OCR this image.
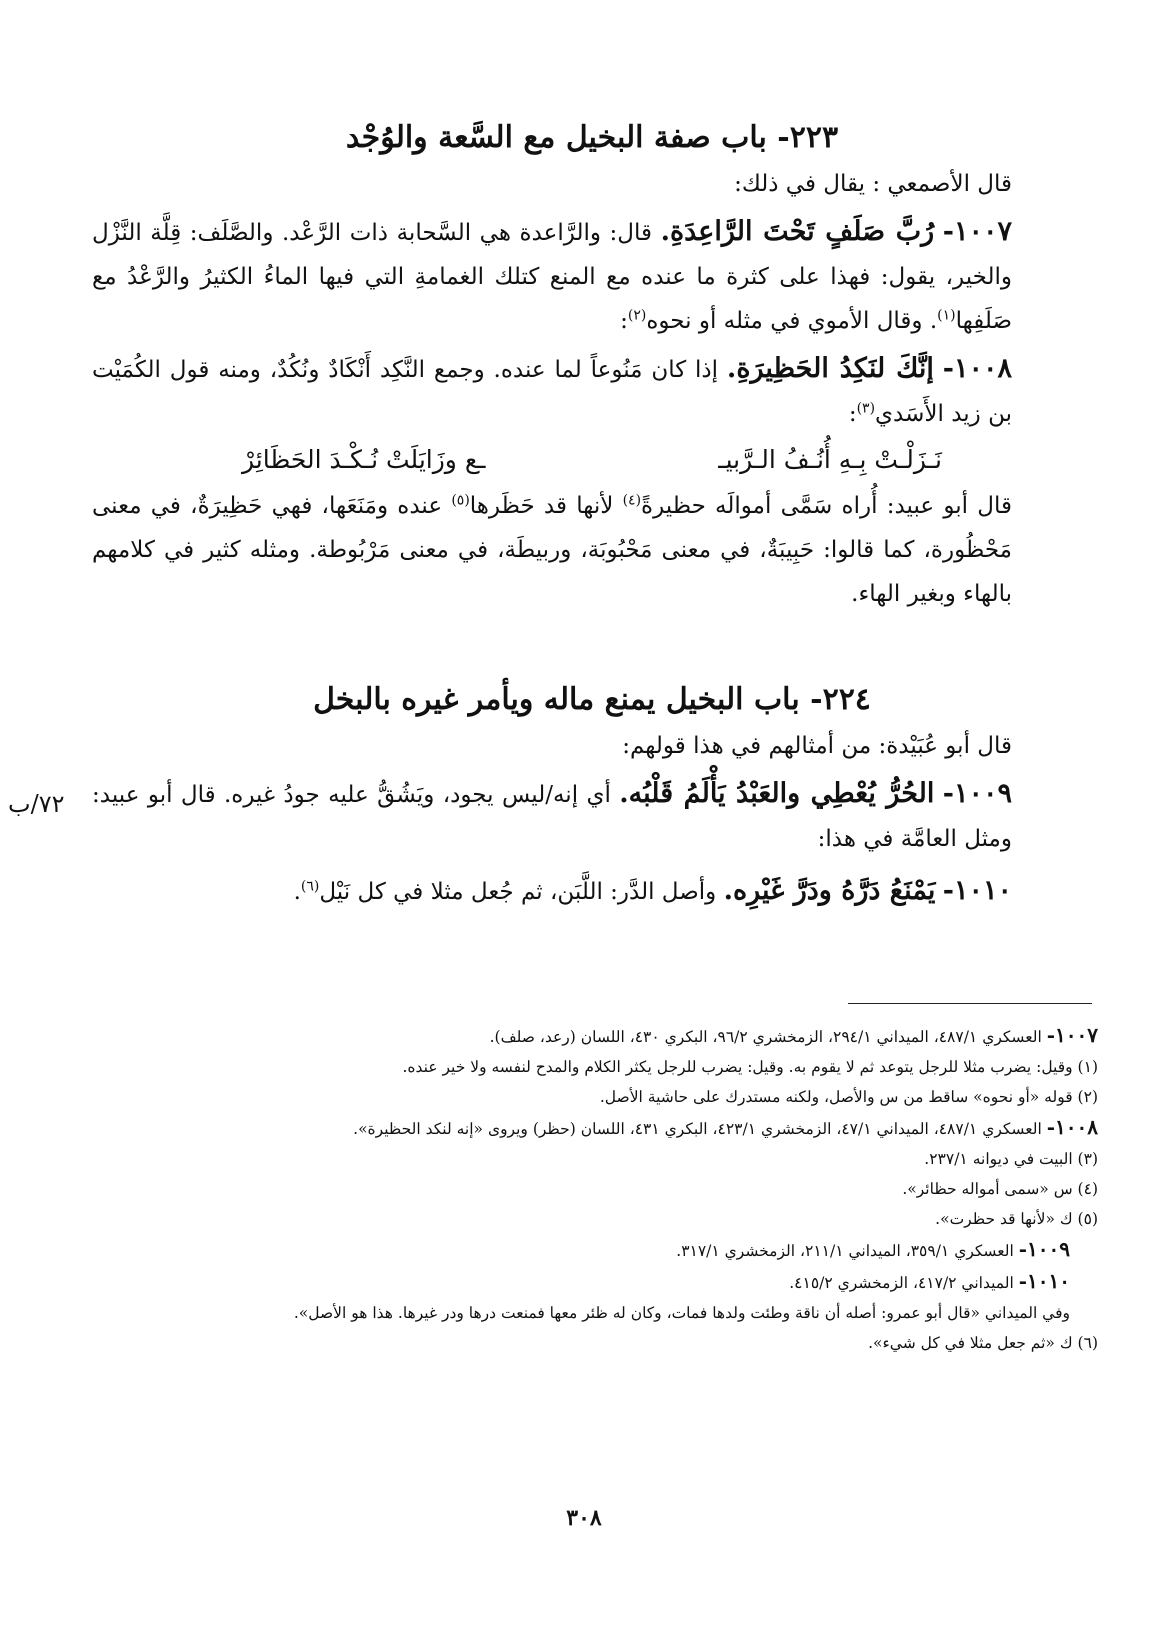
٢٢٣- باب صفة البخيل مع السَّعة والوُجْد

قال الأصمعي : يقال في ذلك:

١٠٠٧- رُبَّ صَلَفٍ تَحْتَ الرَّاعِدَةِ. قال: والرَّاعدة هي السَّحابة ذات الرَّعْد. والصَّلَف: قِلَّة النَّزْل والخير، يقول: فهذا على كثرة ما عنده مع المنع كتلك الغمامةِ التي فيها الماءُ الكثيرُ والرَّعْدُ مع صَلَفِها$^{(١)}$. وقال الأموي في مثله أو نحوه$^{(٢)}$:

١٠٠٨- إنَّكَ لنَكِدُ الحَظِيرَةِ. إذا كان مَنُوعاً لما عنده. وجمع النَّكِد أَنْكَادٌ ونُكُدٌ، ومنه قول الكُمَيْت بن زيد الأَسَدي$^{(٣)}$:

نَـزَلْـتْ بِـهِ أُنُـفُ الـرَّبيـ
ـع وزَايَلَتْ نُـكْـدَ الحَظَائِرْ

قال أبو عبيد: أُراه سَمَّى أموالَه حظيرةً$^{(٤)}$ لأنها قد حَظَرها$^{(٥)}$ عنده ومَنَعَها، فهي حَظِيرَةٌ، في معنى مَحْظُورة، كما قالوا: حَبِيبَةٌ، في معنى مَحْبُوبَة، وربيطَة، في معنى مَرْبُوطة. ومثله كثير في كلامهم بالهاء وبغير الهاء.

٢٢٤- باب البخيل يمنع ماله ويأمر غيره بالبخل

قال أبو عُبَيْدة: من أمثالهم في هذا قولهم:

١٠٠٩- الحُرُّ يُعْطِي والعَبْدُ يَأْلَمُ قَلْبُه. أي إنه/ليس يجود، ويَشُقُّ عليه جودُ غيره. قال أبو عبيد: ومثل العامَّة في هذا:

١٠١٠- يَمْنَعُ دَرَّهُ ودَرَّ غَيْرِه. وأصل الدَّر: اللَّبَن، ثم جُعل مثلا في كل نَيْل$^{(٦)}$.

٧٢/ب

١٠٠٧- العسكري ٤٨٧/١، الميداني ٢٩٤/١، الزمخشري ٩٦/٢، البكري ٤٣٠، اللسان (رعد، صلف).

(١) وقيل: يضرب مثلا للرجل يتوعد ثم لا يقوم به. وقيل: يضرب للرجل يكثر الكلام والمدح لنفسه ولا خير عنده.

(٢) قوله «أو نحوه» ساقط من س والأصل، ولكنه مستدرك على حاشية الأصل.

١٠٠٨- العسكري ٤٨٧/١، الميداني ٤٧/١، الزمخشري ٤٢٣/١، البكري ٤٣١، اللسان (حظر) ويروى «إنه لنكد الحظيرة».

(٣) البيت في ديوانه ٢٣٧/١.

(٤) س «سمى أمواله حظائر».

(٥) ك «لأنها قد حظرت».

١٠٠٩- العسكري ٣٥٩/١، الميداني ٢١١/١، الزمخشري ٣١٧/١.

١٠١٠- الميداني ٤١٧/٢، الزمخشري ٤١٥/٢.

وفي الميداني «قال أبو عمرو: أصله أن ناقة وطئت ولدها فمات، وكان له ظئر معها فمنعت درها ودر غيرها. هذا هو الأصل».

(٦) ك «ثم جعل مثلا في كل شيء».

٣٠٨
